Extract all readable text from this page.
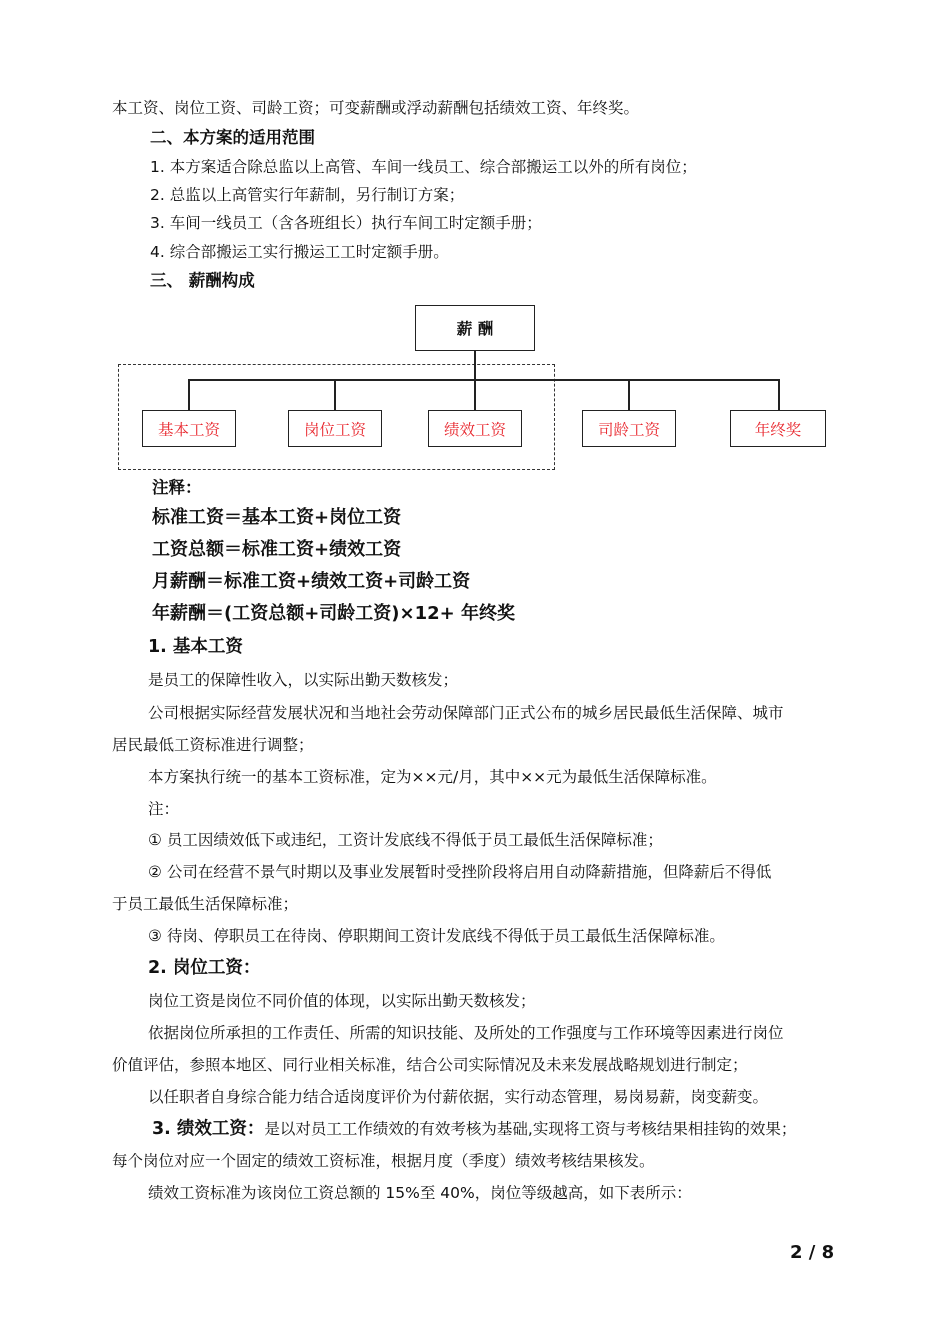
本工资、岗位工资、司龄工资；可变薪酬或浮动薪酬包括绩效工资、年终奖。
二、本方案的适用范围
1. 本方案适合除总监以上高管、车间一线员工、综合部搬运工以外的所有岗位；
2. 总监以上高管实行年薪制，另行制订方案；
3. 车间一线员工（含各班组长）执行车间工时定额手册；
4. 综合部搬运工实行搬运工工时定额手册。
三、 薪酬构成
薪 酬
基本工资	岗位工资	绩效工资	司龄工资	年终奖
注释：
标准工资＝基本工资+岗位工资
工资总额＝标准工资+绩效工资
月薪酬＝标准工资+绩效工资+司龄工资
年薪酬＝(工资总额+司龄工资)×12+ 年终奖
1. 基本工资
是员工的保障性收入，以实际出勤天数核发；
公司根据实际经营发展状况和当地社会劳动保障部门正式公布的城乡居民最低生活保障、城市
居民最低工资标准进行调整；
本方案执行统一的基本工资标准，定为××元/月，其中××元为最低生活保障标准。
注：
① 员工因绩效低下或违纪，工资计发底线不得低于员工最低生活保障标准；
② 公司在经营不景气时期以及事业发展暂时受挫阶段将启用自动降薪措施，但降薪后不得低
于员工最低生活保障标准；
③ 待岗、停职员工在待岗、停职期间工资计发底线不得低于员工最低生活保障标准。
2. 岗位工资：
岗位工资是岗位不同价值的体现，以实际出勤天数核发；
依据岗位所承担的工作责任、所需的知识技能、及所处的工作强度与工作环境等因素进行岗位
价值评估，参照本地区、同行业相关标准，结合公司实际情况及未来发展战略规划进行制定；
以任职者自身综合能力结合适岗度评价为付薪依据，实行动态管理，易岗易薪，岗变薪变。
3. 绩效工资：是以对员工工作绩效的有效考核为基础,实现将工资与考核结果相挂钩的效果；
每个岗位对应一个固定的绩效工资标准，根据月度（季度）绩效考核结果核发。
绩效工资标准为该岗位工资总额的 15%至 40%，岗位等级越高，如下表所示：
2 / 8
